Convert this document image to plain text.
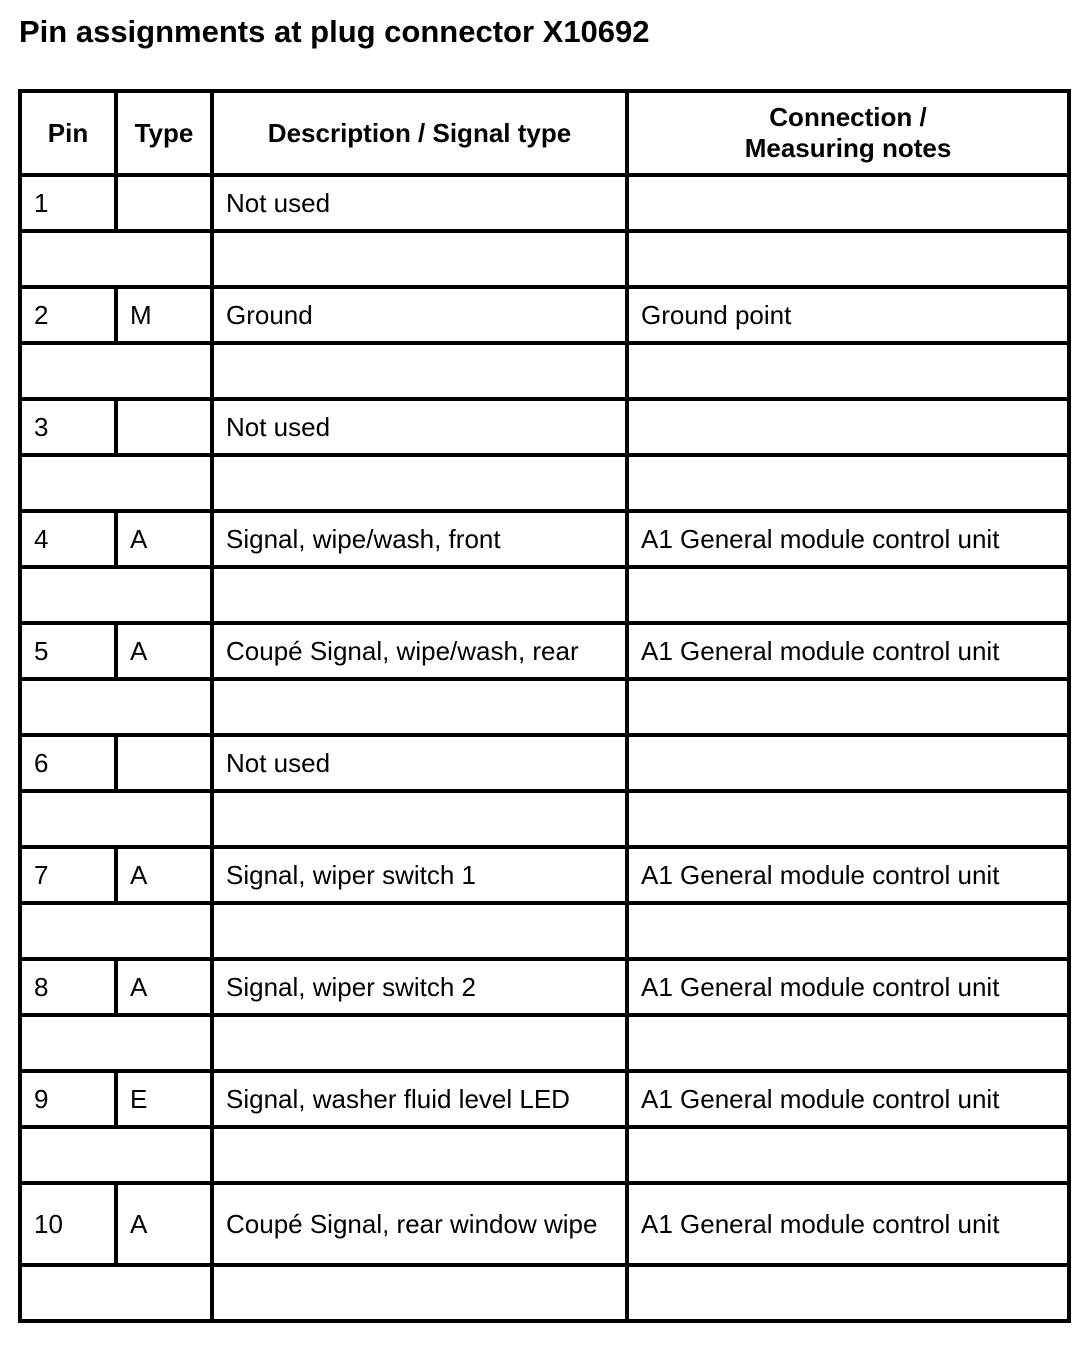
Pin assignments at plug connector X10692
Pin	Type	Description / Signal type	Connection /
Measuring notes
1		Not used	

2	M	Ground	Ground point

3		Not used	

4	A	Signal, wipe/wash, front	A1 General module control unit

5	A	Coupé Signal, wipe/wash, rear	A1 General module control unit

6		Not used	

7	A	Signal, wiper switch 1	A1 General module control unit

8	A	Signal, wiper switch 2	A1 General module control unit

9	E	Signal, washer fluid level LED	A1 General module control unit

10	A	Coupé Signal, rear window wipe	A1 General module control unit
